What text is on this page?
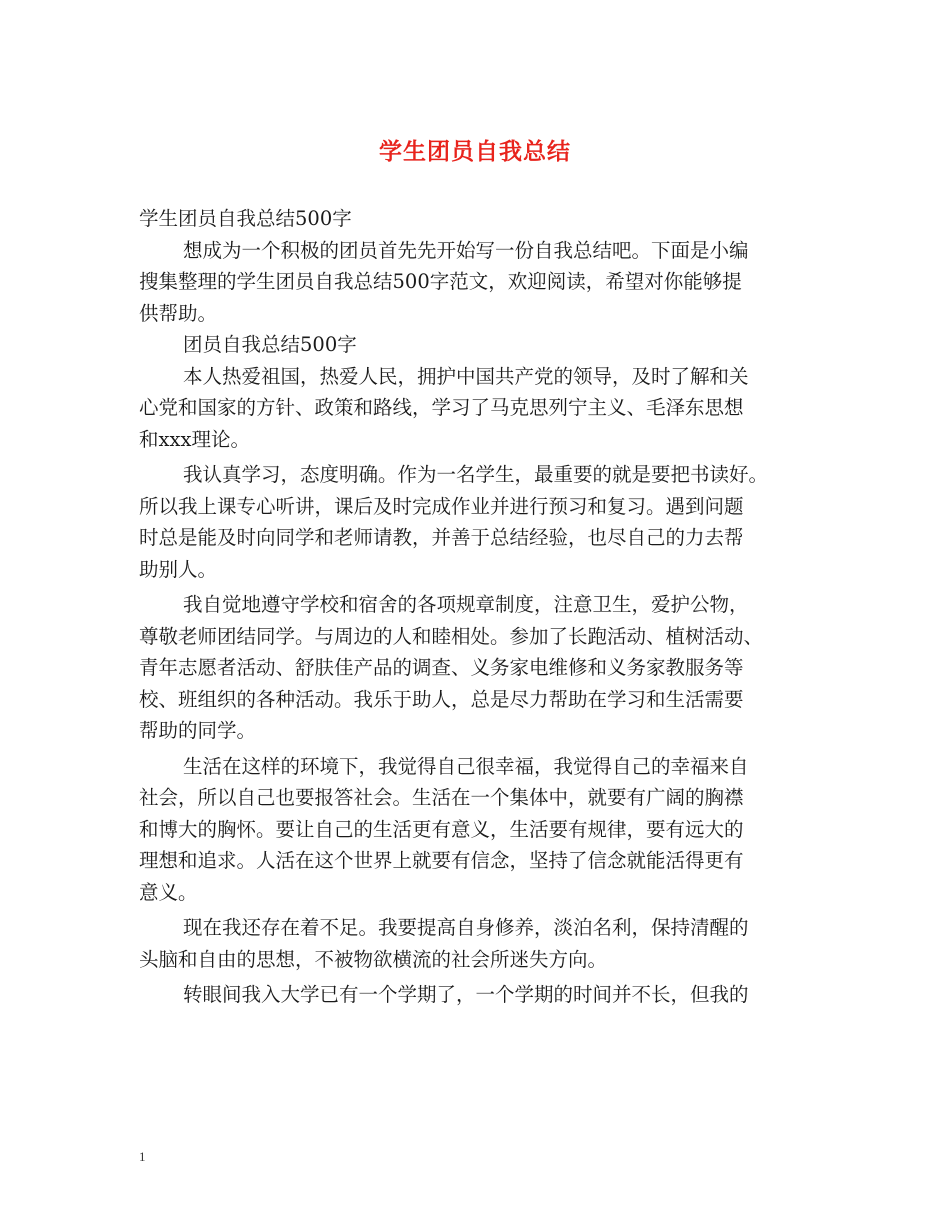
学生团员自我总结
学生团员自我总结500字
想成为一个积极的团员首先先开始写一份自我总结吧。下面是小编
搜集整理的学生团员自我总结500字范文，欢迎阅读，希望对你能够提
供帮助。
团员自我总结500字
本人热爱祖国，热爱人民，拥护中国共产党的领导，及时了解和关
心党和国家的方针、政策和路线，学习了马克思列宁主义、毛泽东思想
和xxx理论。
我认真学习，态度明确。作为一名学生，最重要的就是要把书读好。
所以我上课专心听讲，课后及时完成作业并进行预习和复习。遇到问题
时总是能及时向同学和老师请教，并善于总结经验，也尽自己的力去帮
助别人。
我自觉地遵守学校和宿舍的各项规章制度，注意卫生，爱护公物，
尊敬老师团结同学。与周边的人和睦相处。参加了长跑活动、植树活动、
青年志愿者活动、舒肤佳产品的调查、义务家电维修和义务家教服务等
校、班组织的各种活动。我乐于助人，总是尽力帮助在学习和生活需要
帮助的同学。
生活在这样的环境下，我觉得自己很幸福，我觉得自己的幸福来自
社会，所以自己也要报答社会。生活在一个集体中，就要有广阔的胸襟
和博大的胸怀。要让自己的生活更有意义，生活要有规律，要有远大的
理想和追求。人活在这个世界上就要有信念，坚持了信念就能活得更有
意义。
现在我还存在着不足。我要提高自身修养，淡泊名利，保持清醒的
头脑和自由的思想，不被物欲横流的社会所迷失方向。
转眼间我入大学已有一个学期了，一个学期的时间并不长，但我的
1
